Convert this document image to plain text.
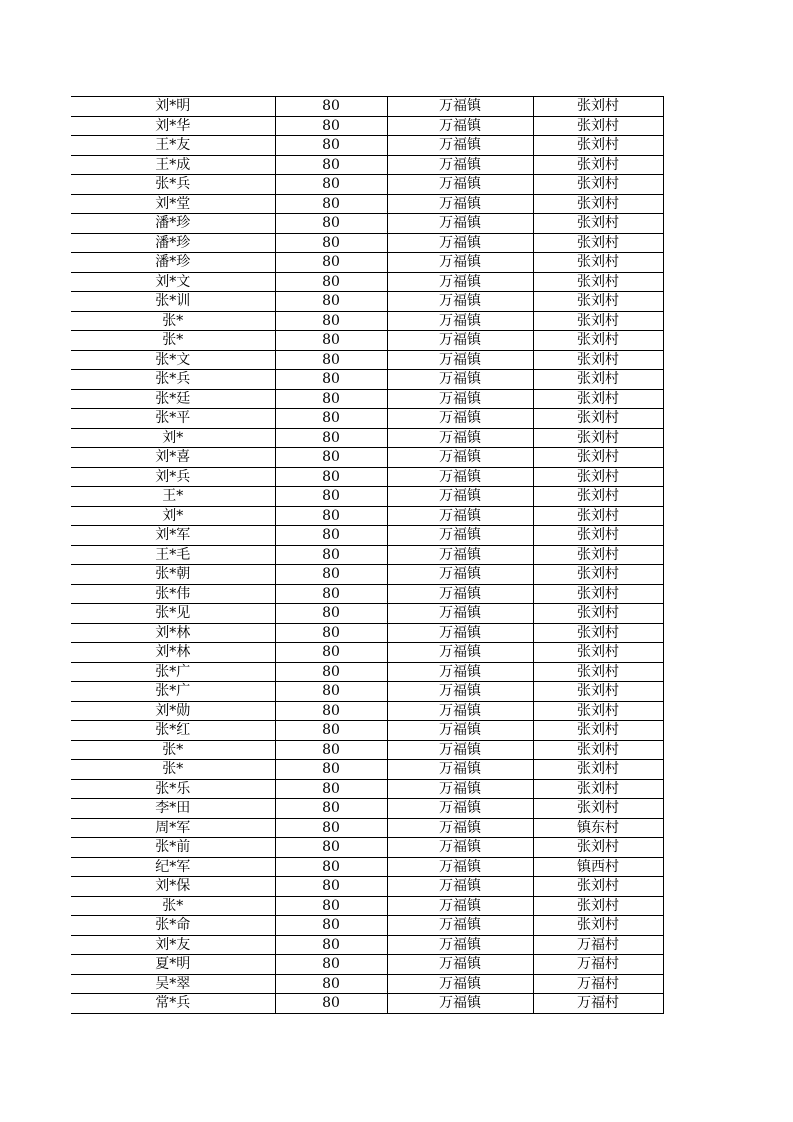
刘*明	80	万福镇	张刘村
刘*华	80	万福镇	张刘村
王*友	80	万福镇	张刘村
王*成	80	万福镇	张刘村
张*兵	80	万福镇	张刘村
刘*堂	80	万福镇	张刘村
潘*珍	80	万福镇	张刘村
潘*珍	80	万福镇	张刘村
潘*珍	80	万福镇	张刘村
刘*文	80	万福镇	张刘村
张*训	80	万福镇	张刘村
张*	80	万福镇	张刘村
张*	80	万福镇	张刘村
张*文	80	万福镇	张刘村
张*兵	80	万福镇	张刘村
张*廷	80	万福镇	张刘村
张*平	80	万福镇	张刘村
刘*	80	万福镇	张刘村
刘*喜	80	万福镇	张刘村
刘*兵	80	万福镇	张刘村
王*	80	万福镇	张刘村
刘*	80	万福镇	张刘村
刘*军	80	万福镇	张刘村
王*毛	80	万福镇	张刘村
张*朝	80	万福镇	张刘村
张*伟	80	万福镇	张刘村
张*见	80	万福镇	张刘村
刘*林	80	万福镇	张刘村
刘*林	80	万福镇	张刘村
张*广	80	万福镇	张刘村
张*广	80	万福镇	张刘村
刘*勋	80	万福镇	张刘村
张*红	80	万福镇	张刘村
张*	80	万福镇	张刘村
张*	80	万福镇	张刘村
张*乐	80	万福镇	张刘村
李*田	80	万福镇	张刘村
周*军	80	万福镇	镇东村
张*前	80	万福镇	张刘村
纪*军	80	万福镇	镇西村
刘*保	80	万福镇	张刘村
张*	80	万福镇	张刘村
张*命	80	万福镇	张刘村
刘*友	80	万福镇	万福村
夏*明	80	万福镇	万福村
吴*翠	80	万福镇	万福村
常*兵	80	万福镇	万福村
